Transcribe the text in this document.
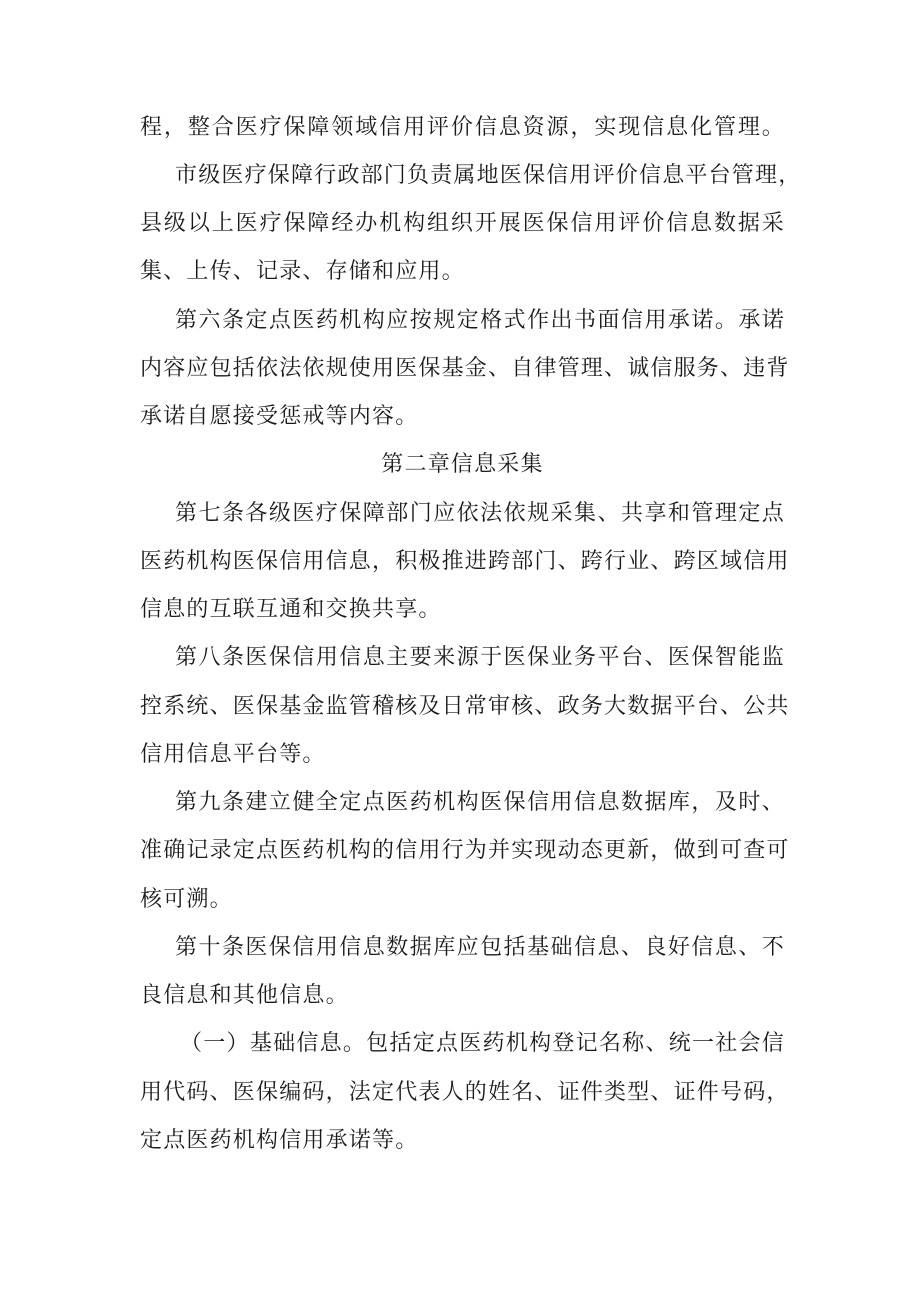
程，整合医疗保障领域信用评价信息资源，实现信息化管理。
市级医疗保障行政部门负责属地医保信用评价信息平台管理，
县级以上医疗保障经办机构组织开展医保信用评价信息数据采
集、上传、记录、存储和应用。
第六条定点医药机构应按规定格式作出书面信用承诺。承诺
内容应包括依法依规使用医保基金、自律管理、诚信服务、违背
承诺自愿接受惩戒等内容。
第二章信息采集
第七条各级医疗保障部门应依法依规采集、共享和管理定点
医药机构医保信用信息，积极推进跨部门、跨行业、跨区域信用
信息的互联互通和交换共享。
第八条医保信用信息主要来源于医保业务平台、医保智能监
控系统、医保基金监管稽核及日常审核、政务大数据平台、公共
信用信息平台等。
第九条建立健全定点医药机构医保信用信息数据库，及时、
准确记录定点医药机构的信用行为并实现动态更新，做到可查可
核可溯。
第十条医保信用信息数据库应包括基础信息、良好信息、不
良信息和其他信息。
（一）基础信息。包括定点医药机构登记名称、统一社会信
用代码、医保编码，法定代表人的姓名、证件类型、证件号码，
定点医药机构信用承诺等。
